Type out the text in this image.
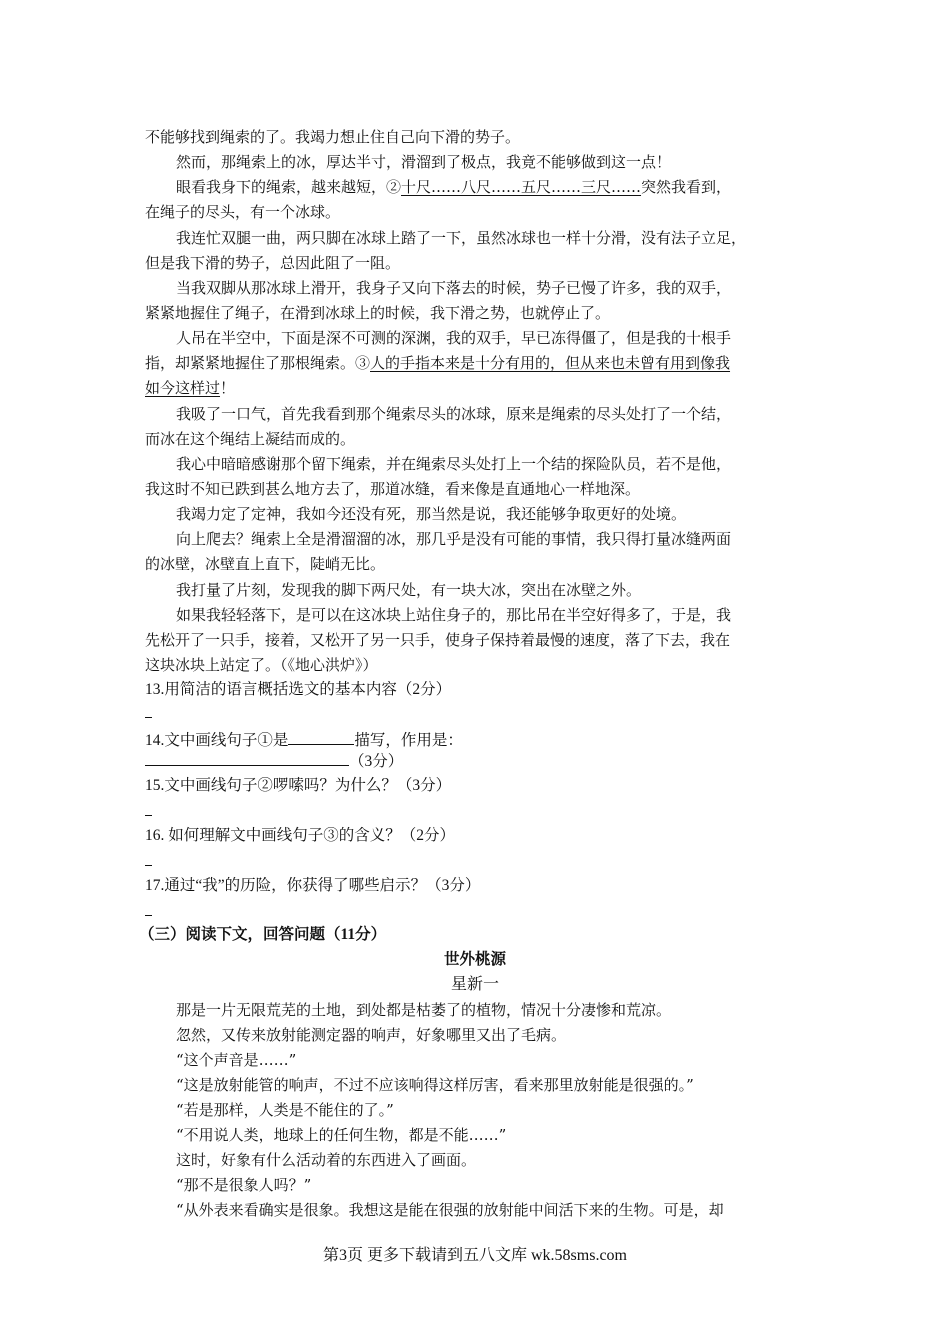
不能够找到绳索的了。我竭力想止住自己向下滑的势子。
然而，那绳索上的冰，厚达半寸，滑溜到了极点，我竟不能够做到这一点！
眼看我身下的绳索，越来越短，②十尺……八尺……五尺……三尺……突然我看到，
在绳子的尽头，有一个冰球。
我连忙双腿一曲，两只脚在冰球上踏了一下，虽然冰球也一样十分滑，没有法子立足，
但是我下滑的势子，总因此阻了一阻。
当我双脚从那冰球上滑开，我身子又向下落去的时候，势子已慢了许多，我的双手，
紧紧地握住了绳子，在滑到冰球上的时候，我下滑之势，也就停止了。
人吊在半空中，下面是深不可测的深渊，我的双手，早已冻得僵了，但是我的十根手
指，却紧紧地握住了那根绳索。③人的手指本来是十分有用的，但从来也未曾有用到像我
如今这样过！
我吸了一口气，首先我看到那个绳索尽头的冰球，原来是绳索的尽头处打了一个结，
而冰在这个绳结上凝结而成的。
我心中暗暗感谢那个留下绳索，并在绳索尽头处打上一个结的探险队员，若不是他，
我这时不知已跌到甚么地方去了，那道冰缝，看来像是直通地心一样地深。
我竭力定了定神，我如今还没有死，那当然是说，我还能够争取更好的处境。
向上爬去？绳索上全是滑溜溜的冰，那几乎是没有可能的事情，我只得打量冰缝两面
的冰壁，冰壁直上直下，陡峭无比。
我打量了片刻，发现我的脚下两尺处，有一块大冰，突出在冰壁之外。
如果我轻轻落下，是可以在这冰块上站住身子的，那比吊在半空好得多了，于是，我
先松开了一只手，接着，又松开了另一只手，使身子保持着最慢的速度，落了下去，我在
这块冰块上站定了。（《地心洪炉》）
13.用简洁的语言概括选文的基本内容（2分）
14.文中画线句子①是	描写，作用是：
（3分）
15.文中画线句子②啰嗦吗？为什么？（3分）
16. 如何理解文中画线句子③的含义？（2分）
17.通过“我”的历险，你获得了哪些启示？（3分）
（三）阅读下文，回答问题（11分）
世外桃源
星新一
那是一片无限荒芜的土地，到处都是枯萎了的植物，情况十分凄惨和荒凉。
忽然，又传来放射能测定器的响声，好象哪里又出了毛病。
“这个声音是……”
“这是放射能管的响声，不过不应该响得这样厉害，看来那里放射能是很强的。”
“若是那样，人类是不能住的了。”
“不用说人类，地球上的任何生物，都是不能……”
这时，好象有什么活动着的东西进入了画面。
“那不是很象人吗？”
“从外表来看确实是很象。我想这是能在很强的放射能中间活下来的生物。可是，却
第3页 更多下载请到五八文库 wk.58sms.com
